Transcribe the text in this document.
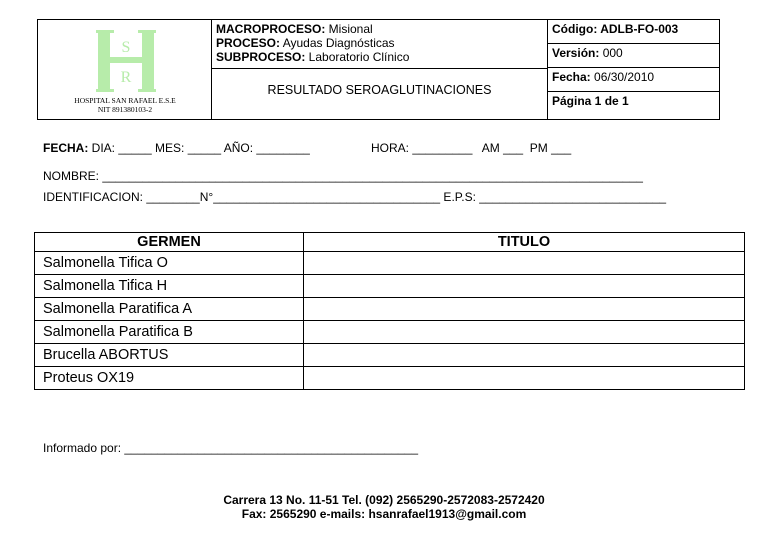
S
R
HOSPITAL SAN RAFAEL E.S.E
NIT 891380103-2
MACROPROCESO: Misional
PROCESO: Ayudas Diagnósticas
SUBPROCESO: Laboratorio Clínico
RESULTADO SEROAGLUTINACIONES
Código: ADLB-FO-003
Versión: 000
Fecha: 06/30/2010
Página 1 de 1
FECHA: DIA: _____ MES: _____ AÑO: ________	HORA: _________   AM ___  PM ___
NOMBRE: _________________________________________________________________________________
IDENTIFICACION: ________N°__________________________________ E.P.S: ____________________________
GERMEN	TITULO
Salmonella Tifica O	
Salmonella Tifica H	
Salmonella Paratifica A	
Salmonella Paratifica B	
Brucella ABORTUS	
Proteus OX19	
Informado por: ____________________________________________
Carrera 13 No. 11-51 Tel. (092) 2565290-2572083-2572420
Fax: 2565290 e-mails: hsanrafael1913@gmail.com
